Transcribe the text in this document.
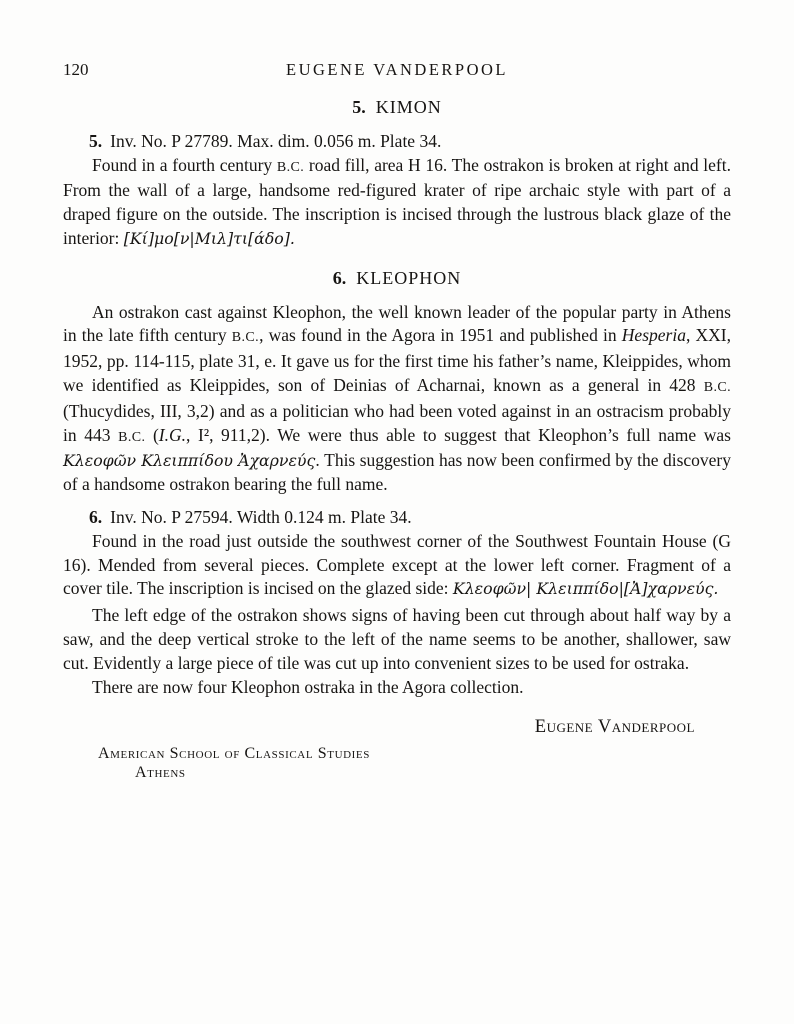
120	EUGENE VANDERPOOL
5. KIMON

5. Inv. No. P 27789. Max. dim. 0.056 m. Plate 34.

Found in a fourth century B.C. road fill, area H 16. The ostrakon is broken at right and left. From the wall of a large, handsome red-figured krater of ripe archaic style with part of a draped figure on the outside. The inscription is incised through the lustrous black glaze of the interior: [Κί]μο[ν|Μιλ]τι[άδο].

6. KLEOPHON

An ostrakon cast against Kleophon, the well known leader of the popular party in Athens in the late fifth century B.C., was found in the Agora in 1951 and published in Hesperia, XXI, 1952, pp. 114-115, plate 31, e. It gave us for the first time his father’s name, Kleippides, whom we identified as Kleippides, son of Deinias of Acharnai, known as a general in 428 B.C. (Thucydides, III, 3,2) and as a politician who had been voted against in an ostracism probably in 443 B.C. (I.G., I², 911,2). We were thus able to suggest that Kleophon’s full name was Κλεοφῶν Κλειππίδου Ἀχαρνεύς. This suggestion has now been confirmed by the discovery of a handsome ostrakon bearing the full name.

6. Inv. No. P 27594. Width 0.124 m. Plate 34.

Found in the road just outside the southwest corner of the Southwest Fountain House (G 16). Mended from several pieces. Complete except at the lower left corner. Fragment of a cover tile. The inscription is incised on the glazed side: Κλεοφῶν| Κλειππίδο|[Ἀ]χαρνεύς.

The left edge of the ostrakon shows signs of having been cut through about half way by a saw, and the deep vertical stroke to the left of the name seems to be another, shallower, saw cut. Evidently a large piece of tile was cut up into convenient sizes to be used for ostraka.

There are now four Kleophon ostraka in the Agora collection.

Eugene Vanderpool
American School of Classical Studies
Athens
